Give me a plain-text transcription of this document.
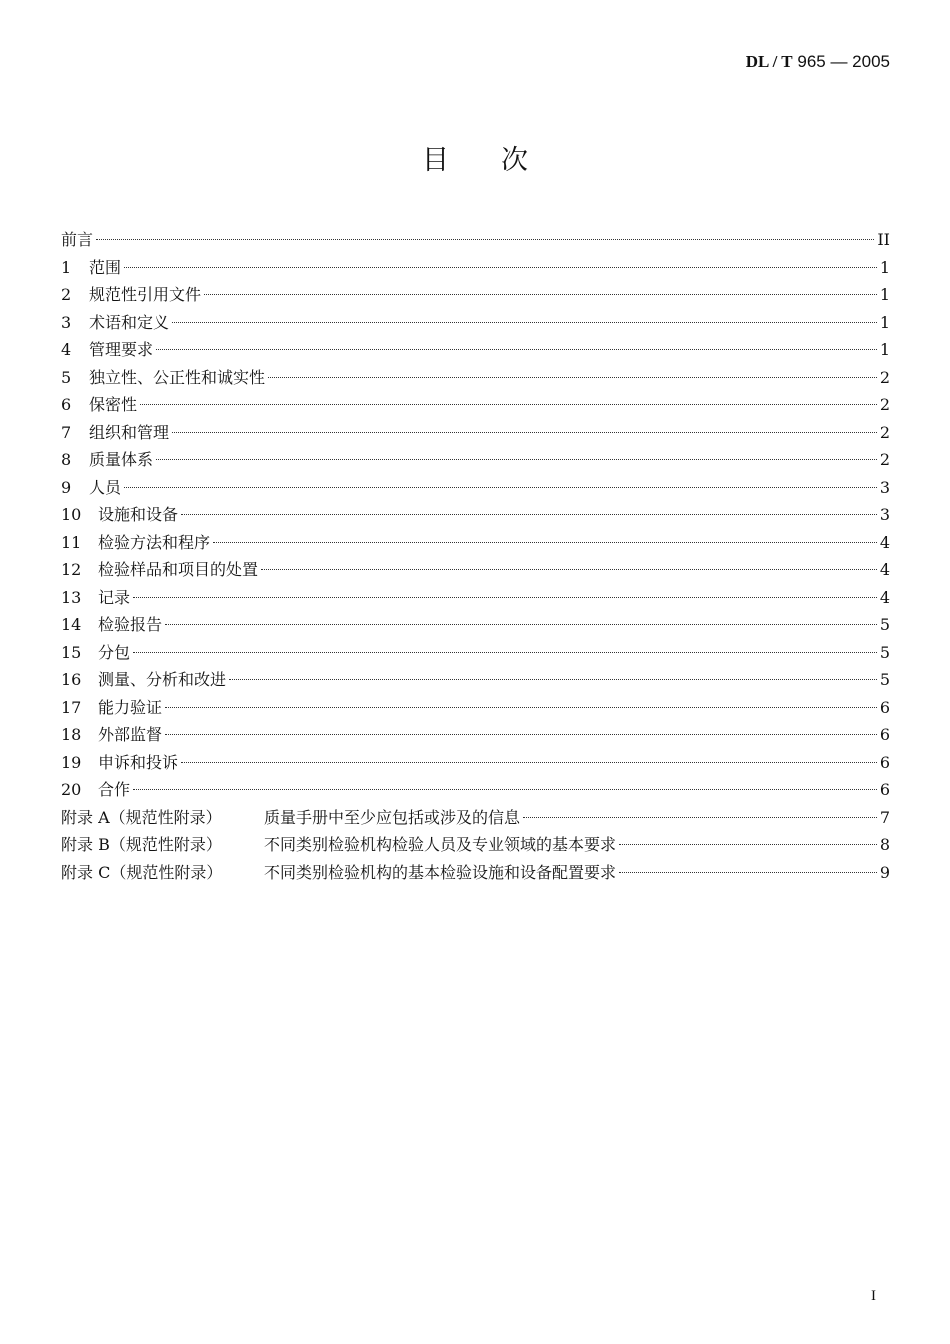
DL / T 965 — 2005
目次
前言	II
1	范围	1
2	规范性引用文件	1
3	术语和定义	1
4	管理要求	1
5	独立性、公正性和诚实性	2
6	保密性	2
7	组织和管理	2
8	质量体系	2
9	人员	3
10	设施和设备	3
11	检验方法和程序	4
12	检验样品和项目的处置	4
13	记录	4
14	检验报告	5
15	分包	5
16	测量、分析和改进	5
17	能力验证	6
18	外部监督	6
19	申诉和投诉	6
20	合作	6
附录 A（规范性附录）	质量手册中至少应包括或涉及的信息	7
附录 B（规范性附录）	不同类别检验机构检验人员及专业领域的基本要求	8
附录 C（规范性附录）	不同类别检验机构的基本检验设施和设备配置要求	9
I
